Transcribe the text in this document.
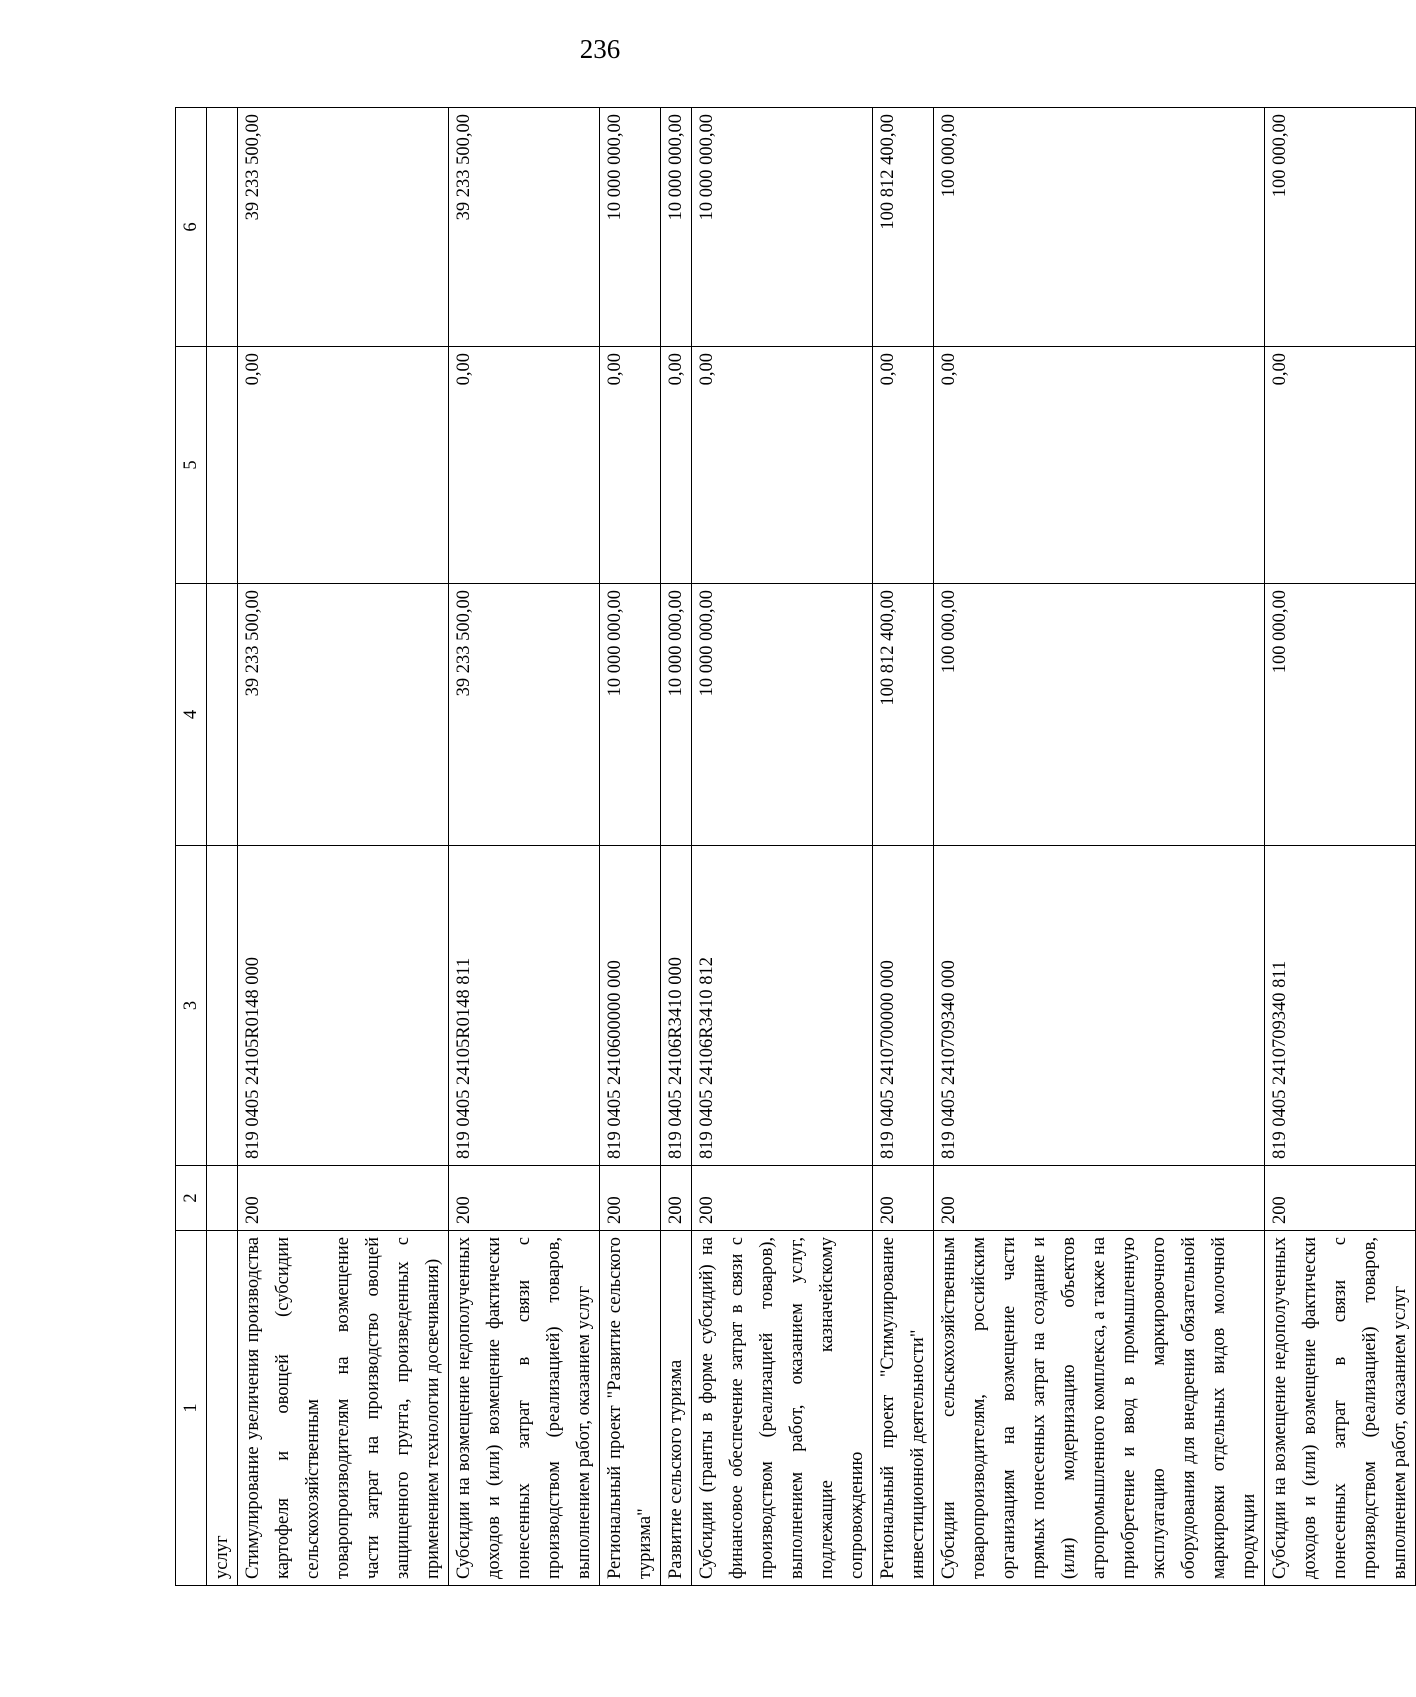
236
1	2	3	4	5	6
услуг					
Стимулирование увеличения производства картофеля и овощей (субсидии сельскохозяйственным товаропроизводителям на возмещение части затрат на производство овощей защищенного грунта, произведенных с применением технологии досвечивания)	200	819 0405 24105R0148 000	39 233 500,00	0,00	39 233 500,00
Субсидии на возмещение недополученных доходов и (или) возмещение фактически понесенных затрат в связи с производством (реализацией) товаров, выполнением работ, оказанием услуг	200	819 0405 24105R0148 811	39 233 500,00	0,00	39 233 500,00
Региональный проект "Развитие сельского туризма"	200	819 0405 2410600000 000	10 000 000,00	0,00	10 000 000,00
Развитие сельского туризма	200	819 0405 24106R3410 000	10 000 000,00	0,00	10 000 000,00
Субсидии (гранты в форме субсидий) на финансовое обеспечение затрат в связи с производством (реализацией товаров), выполнением работ, оказанием услуг, подлежащие казначейскому сопровождению	200	819 0405 24106R3410 812	10 000 000,00	0,00	10 000 000,00
Региональный проект "Стимулирование инвестиционной деятельности"	200	819 0405 2410700000 000	100 812 400,00	0,00	100 812 400,00
Субсидии сельскохозяйственным товаропроизводителям, российским организациям на возмещение части прямых понесенных затрат на создание и (или) модернизацию объектов агропромышленного комплекса, а также на приобретение и ввод в промышленную эксплуатацию маркировочного оборудования для внедрения обязательной маркировки отдельных видов молочной продукции	200	819 0405 2410709340 000	100 000,00	0,00	100 000,00
Субсидии на возмещение недополученных доходов и (или) возмещение фактически понесенных затрат в связи с производством (реализацией) товаров, выполнением работ, оказанием услуг	200	819 0405 2410709340 811	100 000,00	0,00	100 000,00
